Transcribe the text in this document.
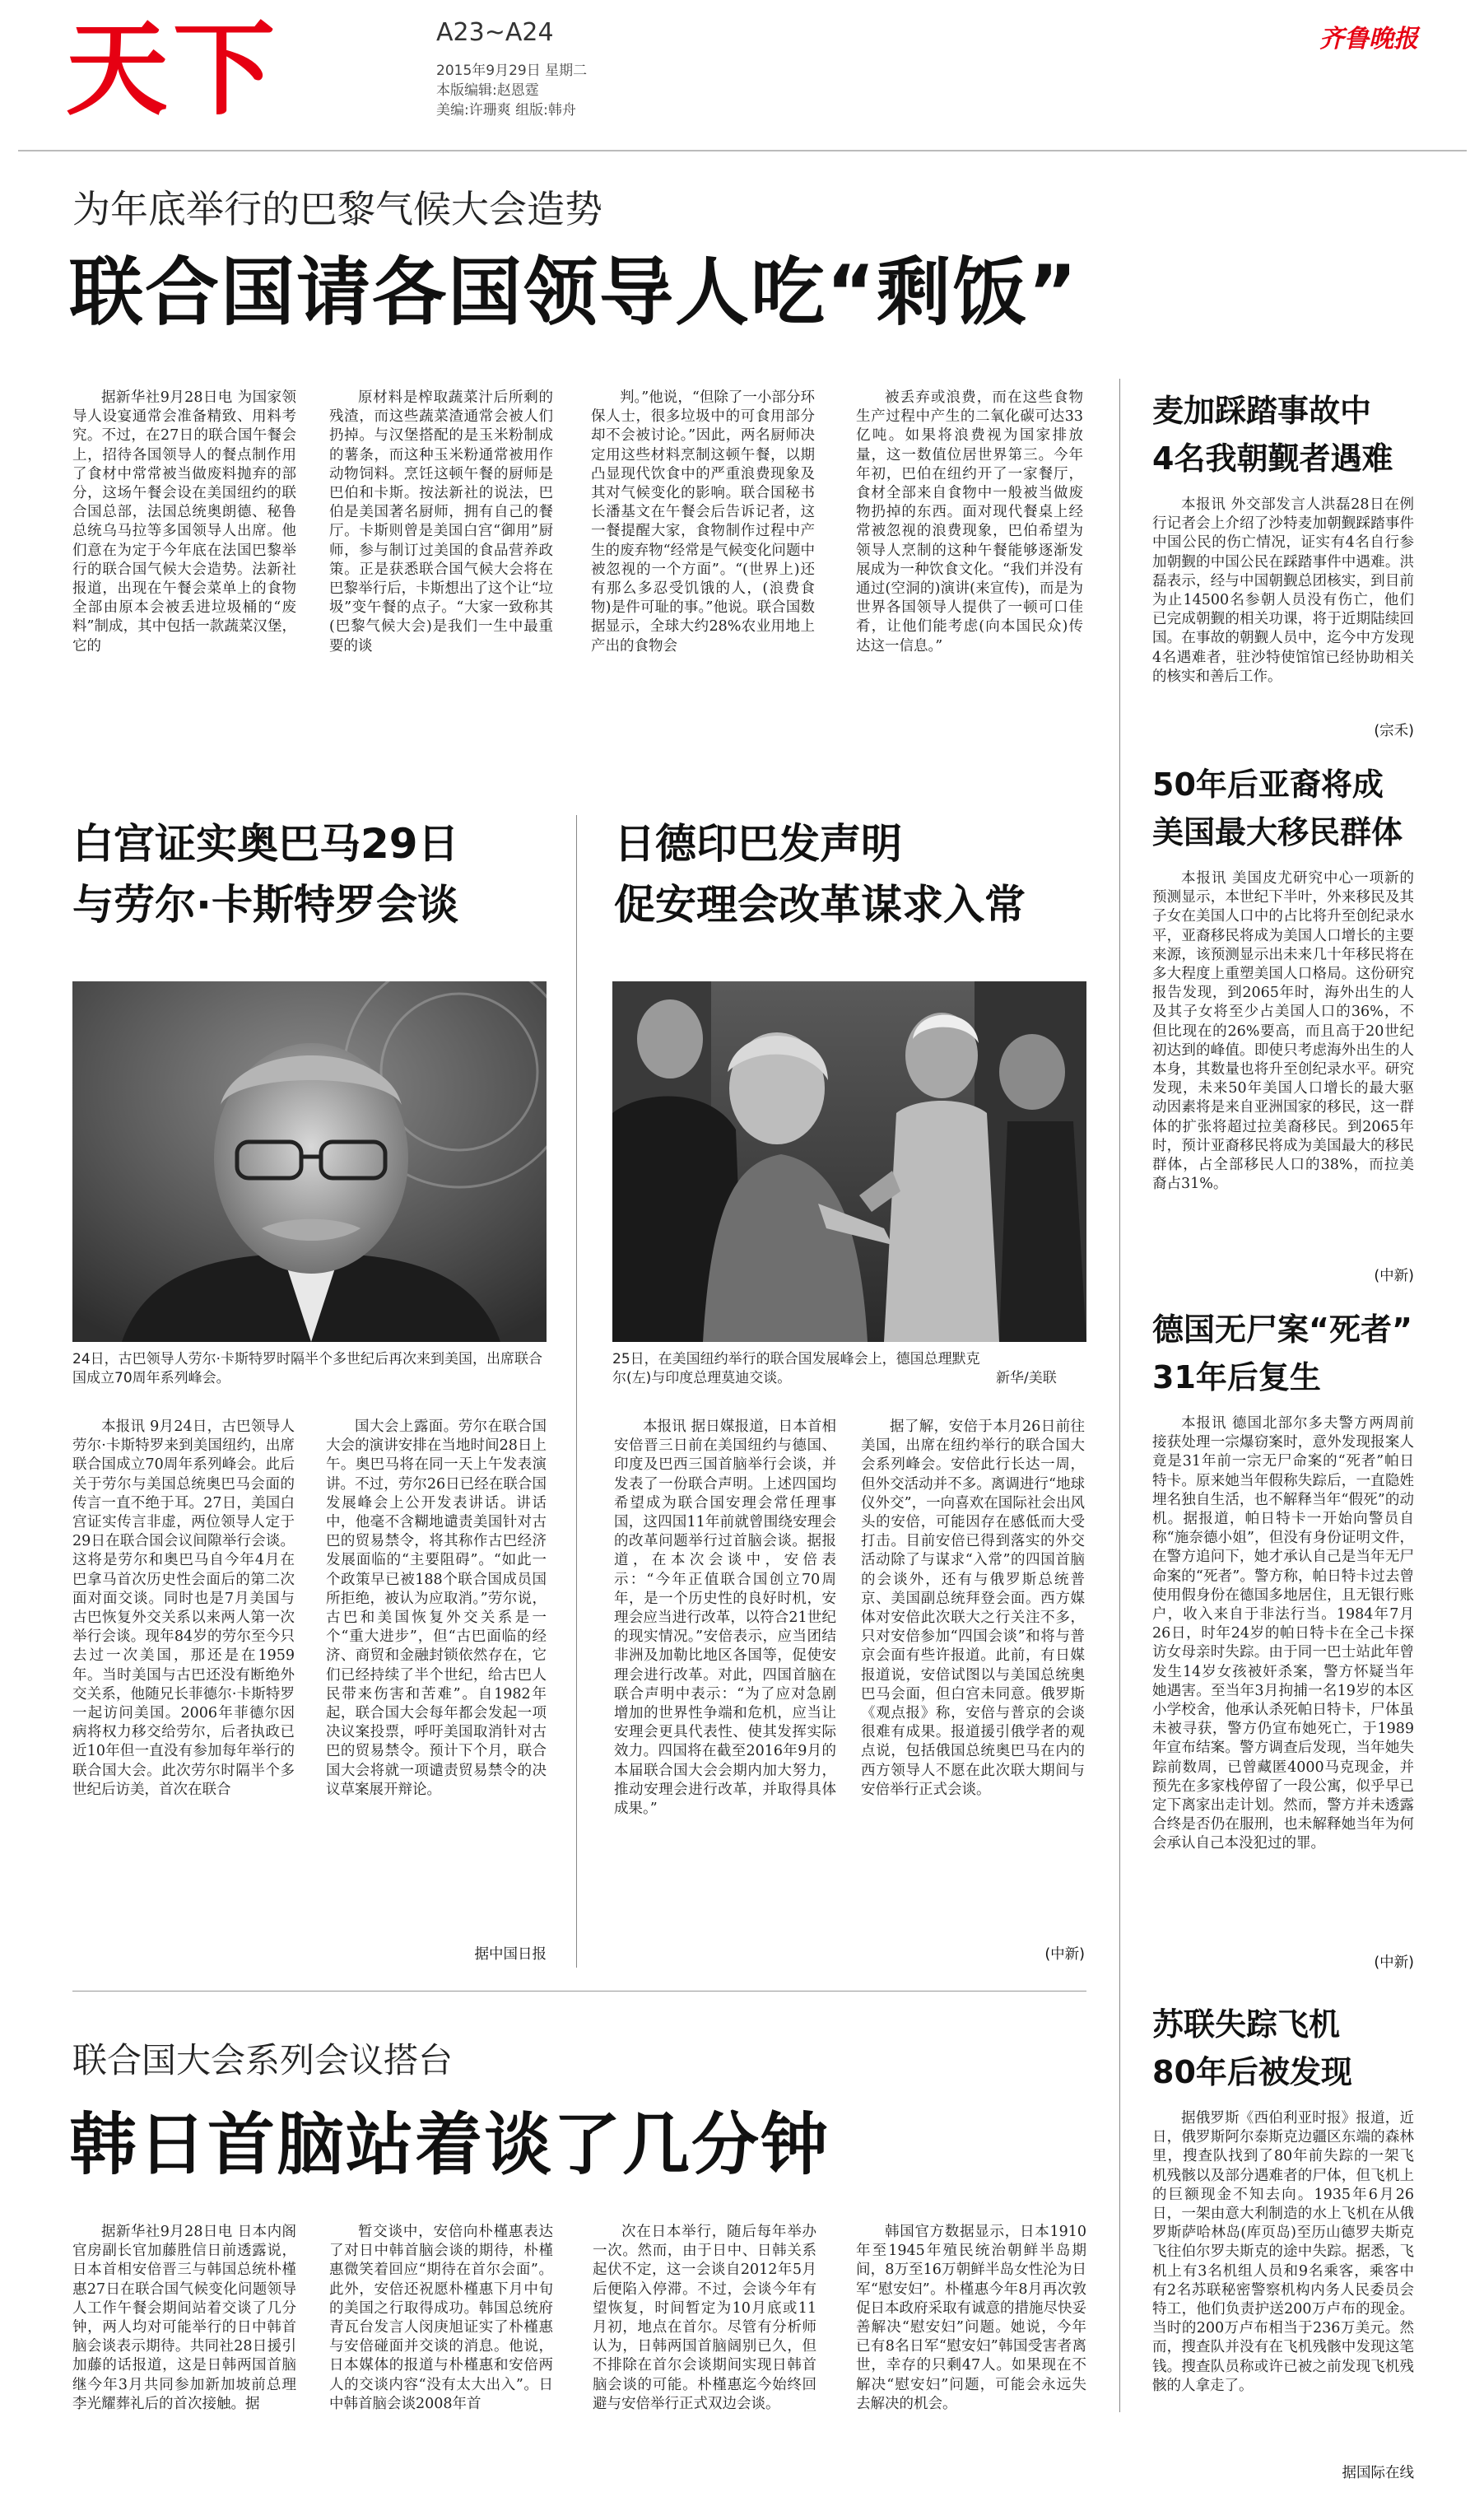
天下	A23~A24
2015年9月29日 星期二
本版编辑:赵恩霆
美编:许珊爽 组版:韩舟
齐鲁晚报
为年底举行的巴黎气候大会造势
联合国请各国领导人吃“剩饭”

据新华社9月28日电 为国家领导人设宴通常会准备精致、用料考究。不过，在27日的联合国午餐会上，招待各国领导人的餐点制作用了食材中常常被当做废料抛弃的部分，这场午餐会设在美国纽约的联合国总部，法国总统奥朗德、秘鲁总统乌马拉等多国领导人出席。他们意在为定于今年底在法国巴黎举行的联合国气候大会造势。法新社报道，出现在午餐会菜单上的食物全部由原本会被丢进垃圾桶的“废料”制成，其中包括一款蔬菜汉堡，它的

原材料是榨取蔬菜汁后所剩的残渣，而这些蔬菜渣通常会被人们扔掉。与汉堡搭配的是玉米粉制成的薯条，而这种玉米粉通常被用作动物饲料。烹饪这顿午餐的厨师是巴伯和卡斯。按法新社的说法，巴伯是美国著名厨师，拥有自己的餐厅。卡斯则曾是美国白宫“御用”厨师，参与制订过美国的食品营养政策。正是获悉联合国气候大会将在巴黎举行后，卡斯想出了这个让“垃圾”变午餐的点子。“大家一致称其(巴黎气候大会)是我们一生中最重要的谈

判。”他说，“但除了一小部分环保人士，很多垃圾中的可食用部分却不会被讨论。”因此，两名厨师决定用这些材料烹制这顿午餐，以期凸显现代饮食中的严重浪费现象及其对气候变化的影响。联合国秘书长潘基文在午餐会后告诉记者，这一餐提醒大家，食物制作过程中产生的废弃物“经常是气候变化问题中被忽视的一个方面”。“(世界上)还有那么多忍受饥饿的人，(浪费食物)是件可耻的事。”他说。联合国数据显示，全球大约28%农业用地上产出的食物会

被丢弃或浪费，而在这些食物生产过程中产生的二氧化碳可达33亿吨。如果将浪费视为国家排放量，这一数值位居世界第三。今年年初，巴伯在纽约开了一家餐厅，食材全部来自食物中一般被当做废物扔掉的东西。面对现代餐桌上经常被忽视的浪费现象，巴伯希望为领导人烹制的这种午餐能够逐渐发展成为一种饮食文化。“我们并没有通过(空洞的)演讲(来宣传)，而是为世界各国领导人提供了一顿可口佳肴，让他们能考虑(向本国民众)传达这一信息。”

白宫证实奥巴马29日
与劳尔·卡斯特罗会谈
24日，古巴领导人劳尔·卡斯特罗时隔半个多世纪后再次来到美国，出席联合国成立70周年系列峰会。

本报讯 9月24日，古巴领导人劳尔·卡斯特罗来到美国纽约，出席联合国成立70周年系列峰会。此后关于劳尔与美国总统奥巴马会面的传言一直不绝于耳。27日，美国白宫证实传言非虚，两位领导人定于29日在联合国会议间隙举行会谈。这将是劳尔和奥巴马自今年4月在巴拿马首次历史性会面后的第二次面对面交谈。同时也是7月美国与古巴恢复外交关系以来两人第一次举行会谈。现年84岁的劳尔至今只去过一次美国，那还是在1959年。当时美国与古巴还没有断绝外交关系，他随兄长菲德尔·卡斯特罗一起访问美国。2006年菲德尔因病将权力移交给劳尔，后者执政已近10年但一直没有参加每年举行的联合国大会。此次劳尔时隔半个多世纪后访美，首次在联合

国大会上露面。劳尔在联合国大会的演讲安排在当地时间28日上午。奥巴马将在同一天上午发表演讲。不过，劳尔26日已经在联合国发展峰会上公开发表讲话。讲话中，他毫不含糊地谴责美国针对古巴的贸易禁令，将其称作古巴经济发展面临的“主要阻碍”。“如此一个政策早已被188个联合国成员国所拒绝，被认为应取消。”劳尔说，古巴和美国恢复外交关系是一个“重大进步”，但“古巴面临的经济、商贸和金融封锁依然存在，它们已经持续了半个世纪，给古巴人民带来伤害和苦难”。自1982年起，联合国大会每年都会发起一项决议案投票，呼吁美国取消针对古巴的贸易禁令。预计下个月，联合国大会将就一项谴责贸易禁令的决议草案展开辩论。

据中国日报
日德印巴发声明
促安理会改革谋求入常
25日，在美国纽约举行的联合国发展峰会上，德国总理默克尔(左)与印度总理莫迪交谈。	新华/美联

本报讯 据日媒报道，日本首相安倍晋三日前在美国纽约与德国、印度及巴西三国首脑举行会谈，并发表了一份联合声明。上述四国均希望成为联合国安理会常任理事国，这四国11年前就曾围绕安理会的改革问题举行过首脑会谈。据报道，在本次会谈中，安倍表示：“今年正值联合国创立70周年，是一个历史性的良好时机，安理会应当进行改革，以符合21世纪的现实情况。”安倍表示，应当团结非洲及加勒比地区各国等，促使安理会进行改革。对此，四国首脑在联合声明中表示：“为了应对急剧增加的世界性争端和危机，应当让安理会更具代表性、使其发挥实际效力。四国将在截至2016年9月的本届联合国大会会期内加大努力，推动安理会进行改革，并取得具体成果。”

据了解，安倍于本月26日前往美国，出席在纽约举行的联合国大会系列峰会。安倍此行长达一周，但外交活动并不多。离调进行“地球仪外交”，一向喜欢在国际社会出风头的安倍，可能因存在感低而大受打击。目前安倍已得到落实的外交活动除了与谋求“入常”的四国首脑的会谈外，还有与俄罗斯总统普京、美国副总统拜登会面。西方媒体对安倍此次联大之行关注不多，只对安倍参加“四国会谈”和将与普京会面有些许报道。此前，有日媒报道说，安倍试图以与美国总统奥巴马会面，但白宫未同意。俄罗斯《观点报》称，安倍与普京的会谈很难有成果。报道援引俄学者的观点说，包括俄国总统奥巴马在内的西方领导人不愿在此次联大期间与安倍举行正式会谈。

(中新)
联合国大会系列会议搭台
韩日首脑站着谈了几分钟

据新华社9月28日电 日本内阁官房副长官加藤胜信日前透露说，日本首相安倍晋三与韩国总统朴槿惠27日在联合国气候变化问题领导人工作午餐会期间站着交谈了几分钟，两人均对可能举行的日中韩首脑会谈表示期待。共同社28日援引加藤的话报道，这是日韩两国首脑继今年3月共同参加新加坡前总理李光耀葬礼后的首次接触。据

暂交谈中，安倍向朴槿惠表达了对日中韩首脑会谈的期待，朴槿惠微笑着回应“期待在首尔会面”。此外，安倍还祝愿朴槿惠下月中旬的美国之行取得成功。韩国总统府青瓦台发言人闵庚旭证实了朴槿惠与安倍碰面并交谈的消息。他说，日本媒体的报道与朴槿惠和安倍两人的交谈内容“没有太大出入”。日中韩首脑会谈2008年首

次在日本举行，随后每年举办一次。然而，由于日中、日韩关系起伏不定，这一会谈自2012年5月后便陷入停滞。不过，会谈今年有望恢复，时间暂定为10月底或11月初，地点在首尔。尽管有分析师认为，日韩两国首脑阔别已久，但不排除在首尔会谈期间实现日韩首脑会谈的可能。朴槿惠迄今始终回避与安倍举行正式双边会谈。

韩国官方数据显示，日本1910年至1945年殖民统治朝鲜半岛期间，8万至16万朝鲜半岛女性沦为日军“慰安妇”。朴槿惠今年8月再次敦促日本政府采取有诚意的措施尽快妥善解决“慰安妇”问题。她说，今年已有8名日军“慰安妇”韩国受害者离世，幸存的只剩47人。如果现在不解决“慰安妇”问题，可能会永远失去解决的机会。

麦加踩踏事故中
4名我朝觐者遇难

本报讯 外交部发言人洪磊28日在例行记者会上介绍了沙特麦加朝觐踩踏事件中国公民的伤亡情况，证实有4名自行参加朝觐的中国公民在踩踏事件中遇难。洪磊表示，经与中国朝觐总团核实，到目前为止14500名参朝人员没有伤亡，他们已完成朝觐的相关功课，将于近期陆续回国。在事故的朝觐人员中，迄今中方发现4名遇难者，驻沙特使馆馆已经协助相关的核实和善后工作。

(宗禾)
50年后亚裔将成
美国最大移民群体

本报讯 美国皮尤研究中心一项新的预测显示，本世纪下半叶，外来移民及其子女在美国人口中的占比将升至创纪录水平，亚裔移民将成为美国人口增长的主要来源，该预测显示出未来几十年移民将在多大程度上重塑美国人口格局。这份研究报告发现，到2065年时，海外出生的人及其子女将至少占美国人口的36%，不但比现在的26%要高，而且高于20世纪初达到的峰值。即使只考虑海外出生的人本身，其数量也将升至创纪录水平。研究发现，未来50年美国人口增长的最大驱动因素将是来自亚洲国家的移民，这一群体的扩张将超过拉美裔移民。到2065年时，预计亚裔移民将成为美国最大的移民群体，占全部移民人口的38%，而拉美裔占31%。

(中新)
德国无尸案“死者”
31年后复生

本报讯 德国北部尔多夫警方两周前接获处理一宗爆窃案时，意外发现报案人竟是31年前一宗无尸命案的“死者”帕日特卡。原来她当年假称失踪后，一直隐姓埋名独自生活，也不解释当年“假死”的动机。据报道，帕日特卡一开始向警员自称“施奈德小姐”，但没有身份证明文件，在警方追问下，她才承认自己是当年无尸命案的“死者”。警方称，帕日特卡过去曾使用假身份在德国多地居住，且无银行账户，收入来自于非法行当。1984年7月26日，时年24岁的帕日特卡在全己卡探访女母亲时失踪。由于同一巴士站此年曾发生14岁女孩被奸杀案，警方怀疑当年她遇害。至当年3月拘捕一名19岁的本区小学校舍，他承认杀死帕日特卡，尸体虽未被寻获，警方仍宣布她死亡，于1989年宣布结案。警方调查后发现，当年她失踪前数周，已曾藏匿4000马克现金，并预先在多家栈停留了一段公寓，似乎早已定下离家出走计划。然而，警方并未透露合终是否仍在服刑，也未解释她当年为何会承认自己本没犯过的罪。

(中新)
苏联失踪飞机
80年后被发现

据俄罗斯《西伯利亚时报》报道，近日，俄罗斯阿尔泰斯克边疆区东端的森林里，搜查队找到了80年前失踪的一架飞机残骸以及部分遇难者的尸体，但飞机上的巨额现金不知去向。1935年6月26日，一架由意大利制造的水上飞机在从俄罗斯萨哈林岛(库页岛)至历山德罗夫斯克飞往伯尔罗夫斯克的途中失踪。据悉，飞机上有3名机组人员和9名乘客，乘客中有2名苏联秘密警察机构内务人民委员会特工，他们负责护送200万卢布的现金。当时的200万卢布相当于236万美元。然而，搜查队并没有在飞机残骸中发现这笔钱。搜查队员称或许已被之前发现飞机残骸的人拿走了。

据国际在线
